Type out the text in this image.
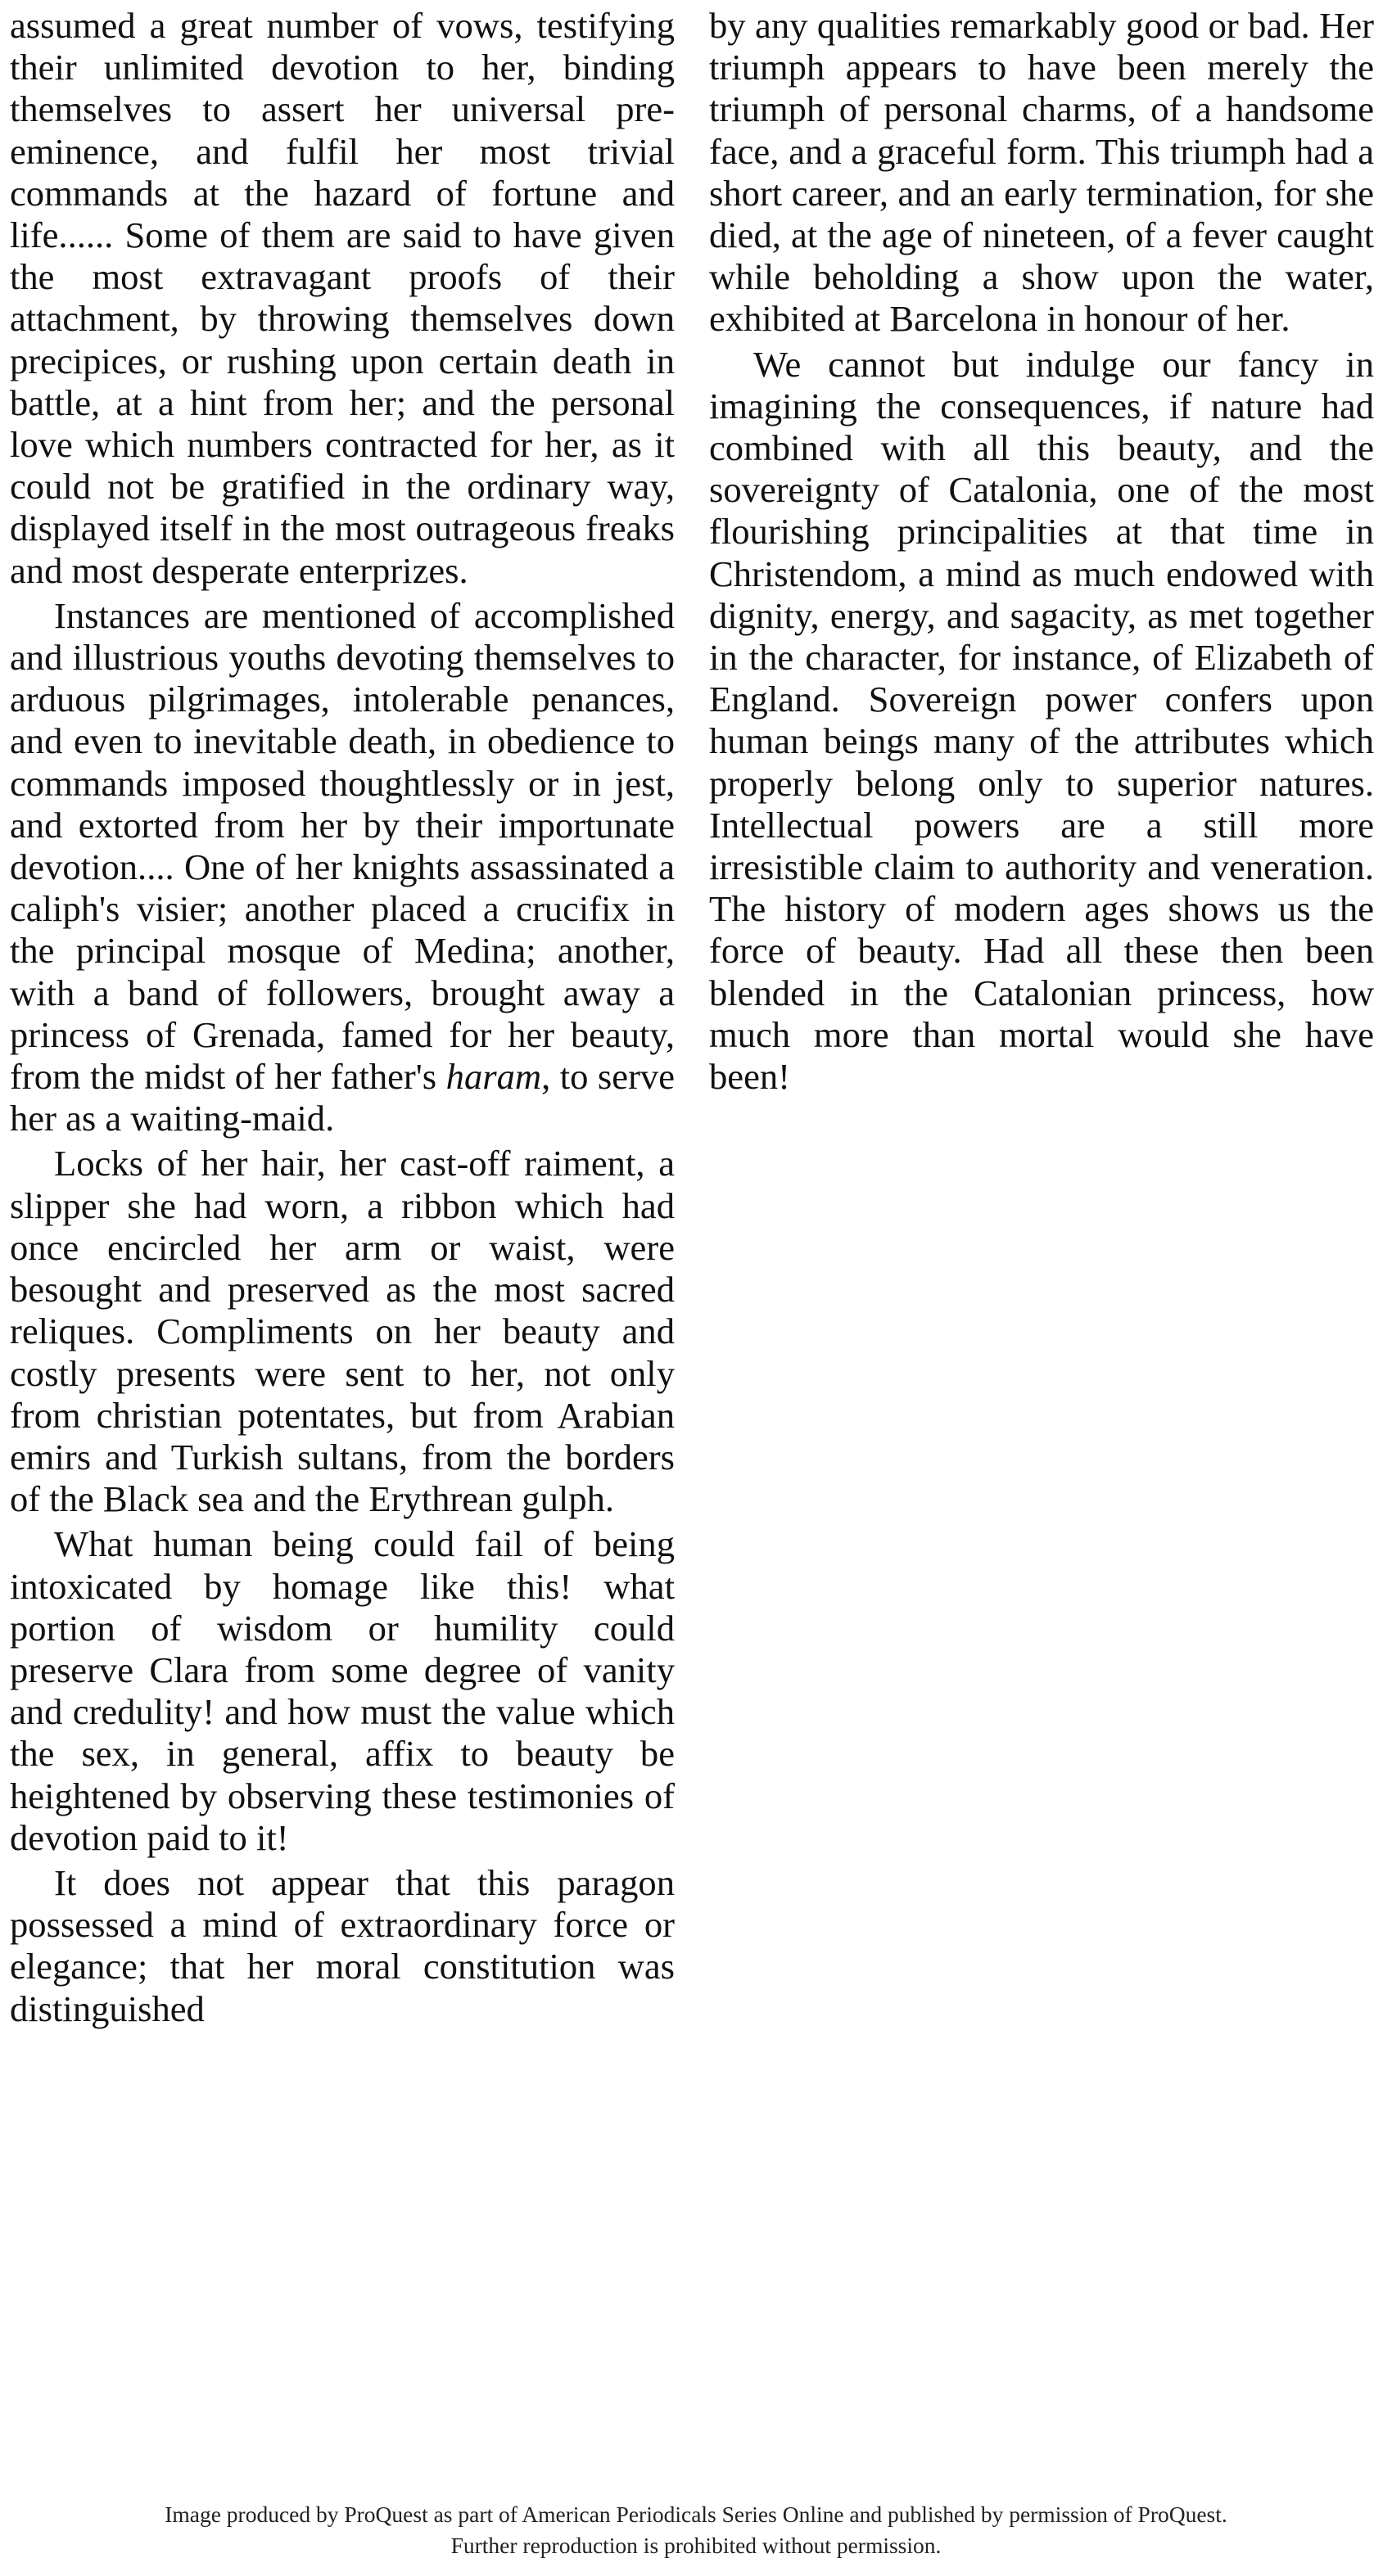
assumed a great number of vows, testifying their unlimited devotion to her, binding themselves to assert her universal pre-eminence, and fulfil her most trivial commands at the hazard of fortune and life...... Some of them are said to have given the most extravagant proofs of their attachment, by throwing themselves down precipices, or rushing upon certain death in battle, at a hint from her; and the personal love which numbers contracted for her, as it could not be gratified in the ordinary way, displayed itself in the most outrageous freaks and most desperate enterprizes.

Instances are mentioned of accomplished and illustrious youths devoting themselves to arduous pilgrimages, intolerable penances, and even to inevitable death, in obedience to commands imposed thoughtlessly or in jest, and extorted from her by their importunate devotion.... One of her knights assassinated a caliph's visier; another placed a crucifix in the principal mosque of Medina; another, with a band of followers, brought away a princess of Grenada, famed for her beauty, from the midst of her father's haram, to serve her as a waiting-maid.

Locks of her hair, her cast-off raiment, a slipper she had worn, a ribbon which had once encircled her arm or waist, were besought and preserved as the most sacred reliques. Compliments on her beauty and costly presents were sent to her, not only from christian potentates, but from Arabian emirs and Turkish sultans, from the borders of the Black sea and the Erythrean gulph.

What human being could fail of being intoxicated by homage like this! what portion of wisdom or humility could preserve Clara from some degree of vanity and credulity! and how must the value which the sex, in general, affix to beauty be heightened by observing these testimonies of devotion paid to it!

It does not appear that this paragon possessed a mind of extraordinary force or elegance; that her moral constitution was distinguished

by any qualities remarkably good or bad. Her triumph appears to have been merely the triumph of personal charms, of a handsome face, and a graceful form. This triumph had a short career, and an early termination, for she died, at the age of nineteen, of a fever caught while beholding a show upon the water, exhibited at Barcelona in honour of her.

We cannot but indulge our fancy in imagining the consequences, if nature had combined with all this beauty, and the sovereignty of Catalonia, one of the most flourishing principalities at that time in Christendom, a mind as much endowed with dignity, energy, and sagacity, as met together in the character, for instance, of Elizabeth of England. Sovereign power confers upon human beings many of the attributes which properly belong only to superior natures. Intellectual powers are a still more irresistible claim to authority and veneration. The history of modern ages shows us the force of beauty. Had all these then been blended in the Catalonian princess, how much more than mortal would she have been!

Image produced by ProQuest as part of American Periodicals Series Online and published by permission of ProQuest.
Further reproduction is prohibited without permission.
